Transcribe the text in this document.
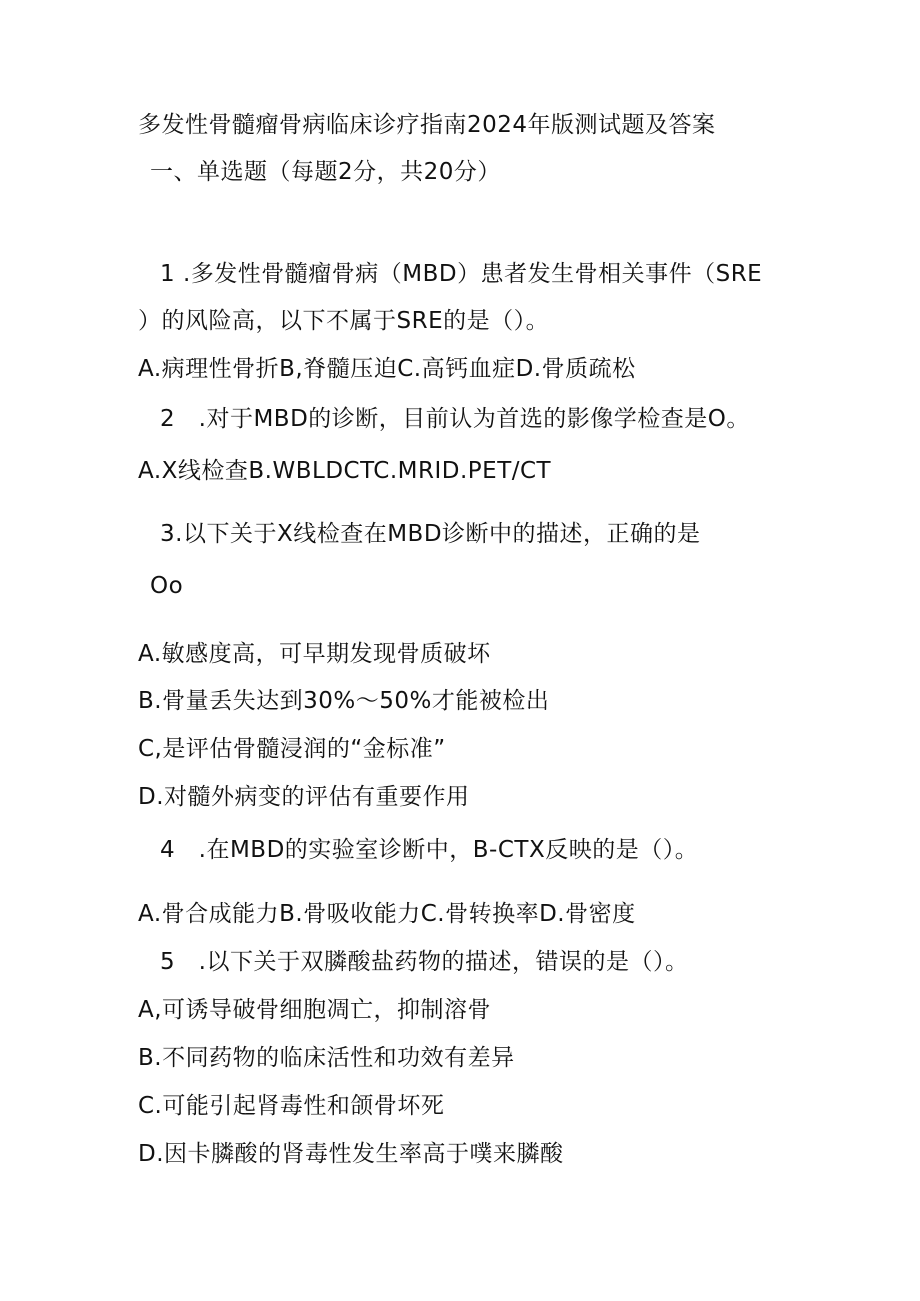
多发性骨髓瘤骨病临床诊疗指南2024年版测试题及答案
一、单选题（每题2分，共20分）
1 .多发性骨髓瘤骨病（MBD）患者发生骨相关事件（SRE
）的风险高，以下不属于SRE的是（）。
A.病理性骨折B,脊髓压迫C.高钙血症D.骨质疏松
2　.对于MBD的诊断，目前认为首选的影像学检查是O。
A.X线检查B.WBLDCTC.MRID.PET/CT
3.以下关于X线检查在MBD诊断中的描述，正确的是
Oo
A.敏感度高，可早期发现骨质破坏
B.骨量丢失达到30%〜50%才能被检出
C,是评估骨髓浸润的“金标准”
D.对髓外病变的评估有重要作用
4　.在MBD的实验室诊断中，B-CTX反映的是（）。
A.骨合成能力B.骨吸收能力C.骨转换率D.骨密度
5　.以下关于双膦酸盐药物的描述，错误的是（）。
A,可诱导破骨细胞凋亡，抑制溶骨
B.不同药物的临床活性和功效有差异
C.可能引起肾毒性和颌骨坏死
D.因卡膦酸的肾毒性发生率高于噗来膦酸
